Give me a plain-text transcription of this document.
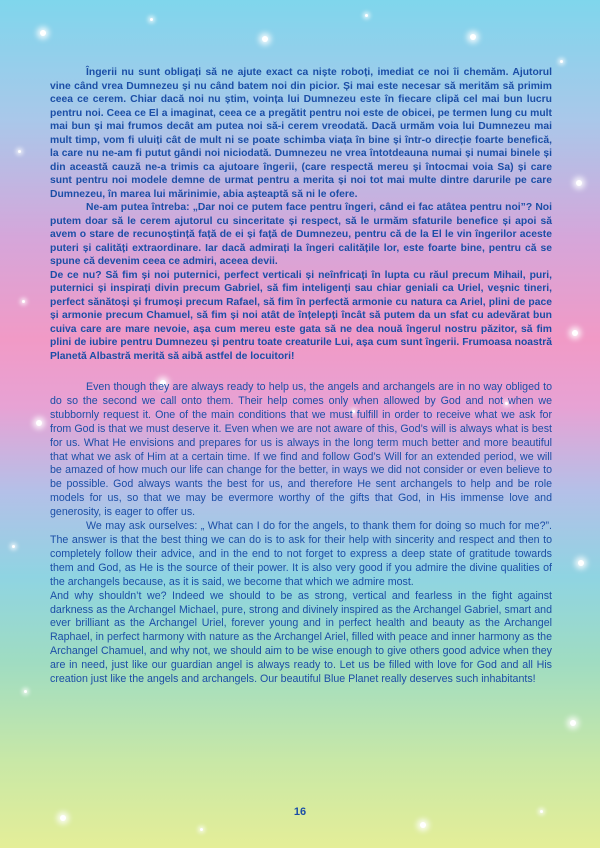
Îngerii nu sunt obligați să ne ajute exact ca niște roboți, imediat ce noi îi chemăm. Ajutorul vine când vrea Dumnezeu și nu când batem noi din picior. Și mai este necesar să merităm să primim ceea ce cerem. Chiar dacă noi nu știm, voința lui Dumnezeu este în fiecare clipă cel mai bun lucru pentru noi. Ceea ce El a imaginat, ceea ce a pregătit pentru noi este de obicei, pe termen lung cu mult mai bun și mai frumos decât am putea noi să-i cerem vreodată. Dacă urmăm voia lui Dumnezeu mai mult timp, vom fi uluiți cât de mult ni se poate schimba viața în bine și într-o direcție foarte benefică, la care nu ne-am fi putut gândi noi niciodată. Dumnezeu ne vrea întotdeauna numai și numai binele și din această cauză ne-a trimis ca ajutoare îngerii, (care respectă mereu și întocmai voia Sa) și care sunt pentru noi modele demne de urmat pentru a merita și noi tot mai multe dintre darurile pe care Dumnezeu, în marea lui mărinimie, abia așteaptă să ni le ofere.

Ne-am putea întreba: „Dar noi ce putem face pentru îngeri, când ei fac atâtea pentru noi”? Noi putem doar să le cerem ajutorul cu sinceritate și respect, să le urmăm sfaturile benefice și apoi să avem o stare de recunoștință față de ei și față de Dumnezeu, pentru că de la El le vin îngerilor aceste puteri și calități extraordinare. Iar dacă admirați la îngeri calitățile lor, este foarte bine, pentru că se spune că devenim ceea ce admiri, aceea devii.

De ce nu? Să fim și noi puternici, perfect verticali și neînfricați în lupta cu răul precum Mihail, puri, puternici și inspirați divin precum Gabriel, să fim inteligenți sau chiar geniali ca Uriel, veșnic tineri, perfect sănătoși și frumoși precum Rafael, să fim în perfectă armonie cu natura ca Ariel, plini de pace și armonie precum Chamuel, să fim și noi atât de înțelepți încât să putem da un sfat cu adevărat bun cuiva care are mare nevoie, așa cum mereu este gata să ne dea nouă îngerul nostru păzitor, să fim plini de iubire pentru Dumnezeu și pentru toate creaturile Lui, așa cum sunt îngerii. Frumoasa noastră Planetă Albastră merită să aibă astfel de locuitori!

Even though they are always ready to help us, the angels and archangels are in no way obliged to do so the second we call onto them. Their help comes only when allowed by God and not when we stubbornly request it. One of the main conditions that we must fulfill in order to receive what we ask for from God is that we must deserve it. Even when we are not aware of this, God’s will is always what is best for us. What He envisions and prepares for us is always in the long term much better and more beautiful that what we ask of Him at a certain time. If we find and follow God’s Will for an extended period, we will be amazed of how much our life can change for the better, in ways we did not consider or even believe to be possible. God always wants the best for us, and therefore He sent archangels to help and be role models for us, so that we may be evermore worthy of the gifts that God, in His immense love and generosity, is eager to offer us.

We may ask ourselves: „ What can I do for the angels, to thank them for doing so much for me?”. The answer is that the best thing we can do is to ask for their help with sincerity and respect and then to completely follow their advice, and in the end to not forget to express a deep state of gratitude towards them and God, as He is the source of their power. It is also very good if you admire the divine qualities of the archangels because, as it is said, we become that which we admire most.

And why shouldn’t we? Indeed we should to be as strong, vertical and fearless in the fight against darkness as the Archangel Michael, pure, strong and divinely inspired as the Archangel Gabriel, smart and ever brilliant as the Archangel Uriel, forever young and in perfect health and beauty as the Archangel Raphael, in perfect harmony with nature as the Archangel Ariel, filled with peace and inner harmony as the Archangel Chamuel, and why not, we should aim to be wise enough to give others good advice when they are in need, just like our guardian angel is always ready to. Let us be filled with love for God and all His creation just like the angels and archangels. Our beautiful Blue Planet really deserves such inhabitants!

16
